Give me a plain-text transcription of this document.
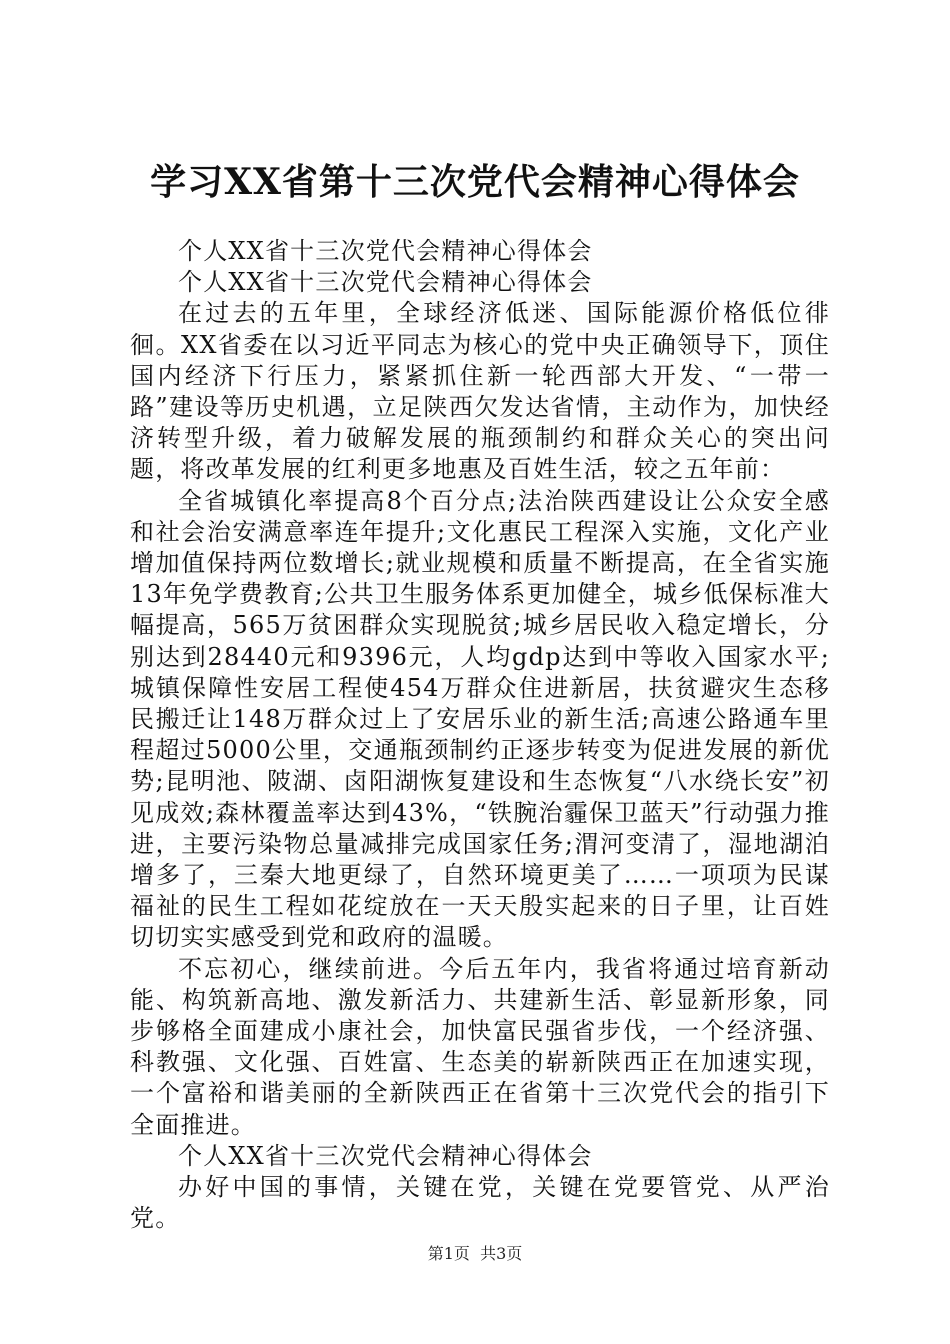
学习XX省第十三次党代会精神心得体会

个人XX省十三次党代会精神心得体会

个人XX省十三次党代会精神心得体会

在过去的五年里，全球经济低迷、国际能源价格低位徘徊。XX省委在以习近平同志为核心的党中央正确领导下，顶住国内经济下行压力，紧紧抓住新一轮西部大开发、“一带一路”建设等历史机遇，立足陕西欠发达省情，主动作为，加快经济转型升级，着力破解发展的瓶颈制约和群众关心的突出问题，将改革发展的红利更多地惠及百姓生活，较之五年前：

全省城镇化率提高8个百分点;法治陕西建设让公众安全感和社会治安满意率连年提升;文化惠民工程深入实施，文化产业增加值保持两位数增长;就业规模和质量不断提高，在全省实施13年免学费教育;公共卫生服务体系更加健全，城乡低保标准大幅提高，565万贫困群众实现脱贫;城乡居民收入稳定增长，分别达到28440元和9396元，人均gdp达到中等收入国家水平;城镇保障性安居工程使454万群众住进新居，扶贫避灾生态移民搬迁让148万群众过上了安居乐业的新生活;高速公路通车里程超过5000公里，交通瓶颈制约正逐步转变为促进发展的新优势;昆明池、陂湖、卤阳湖恢复建设和生态恢复“八水绕长安”初见成效;森林覆盖率达到43%，“铁腕治霾保卫蓝天”行动强力推进，主要污染物总量减排完成国家任务;渭河变清了，湿地湖泊增多了，三秦大地更绿了，自然环境更美了……一项项为民谋福祉的民生工程如花绽放在一天天殷实起来的日子里，让百姓切切实实感受到党和政府的温暖。

不忘初心，继续前进。今后五年内，我省将通过培育新动能、构筑新高地、激发新活力、共建新生活、彰显新形象，同步够格全面建成小康社会，加快富民强省步伐，一个经济强、科教强、文化强、百姓富、生态美的崭新陕西正在加速实现，一个富裕和谐美丽的全新陕西正在省第十三次党代会的指引下全面推进。

个人XX省十三次党代会精神心得体会

办好中国的事情，关键在党，关键在党要管党、从严治党。

第1页 共3页
